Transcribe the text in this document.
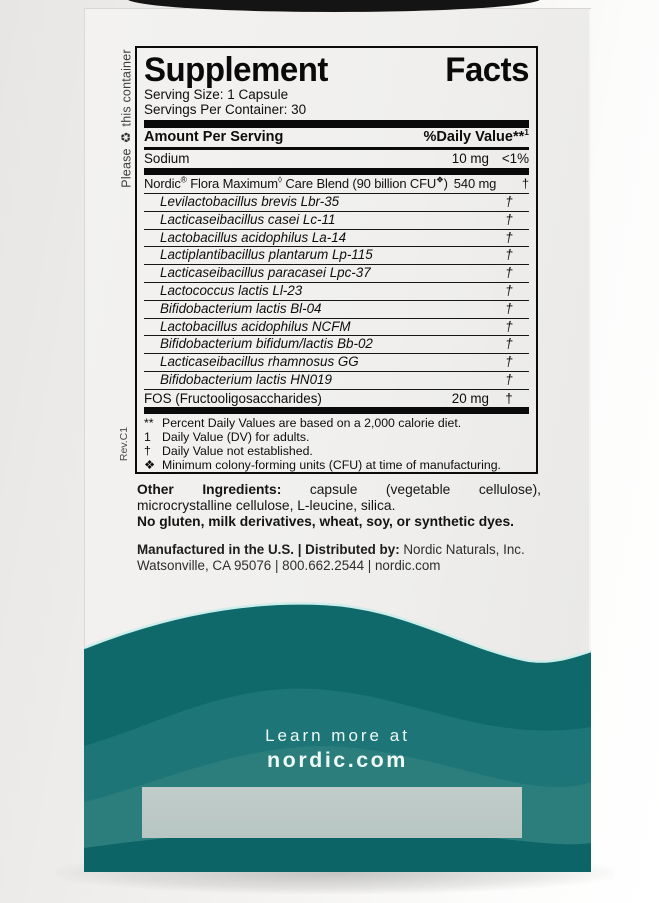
Please
♻
this container
Rev.C1
Supplement	Facts
Serving Size: 1 Capsule
Servings Per Container: 30
Amount Per Serving	%Daily Value**$^1$
Sodium	10 mg <1%
Nordic® Flora Maximum◊ Care Blend (90 billion CFU❖) 540 mg	†
Levilactobacillus brevis Lbr-35	†
Lacticaseibacillus casei Lc-11	†
Lactobacillus acidophilus La-14	†
Lactiplantibacillus plantarum Lp-115	†
Lacticaseibacillus paracasei Lpc-37	†
Lactococcus lactis Ll-23	†
Bifidobacterium lactis Bl-04	†
Lactobacillus acidophilus NCFM	†
Bifidobacterium bifidum/lactis Bb-02	†
Lacticaseibacillus rhamnosus GG	†
Bifidobacterium lactis HN019	†
FOS (Fructooligosaccharides)	20 mg	†
** Percent Daily Values are based on a 2,000 calorie diet.
1 Daily Value (DV) for adults.
† Daily Value not established.
❖ Minimum colony-forming units (CFU) at time of manufacturing.

Other Ingredients: capsule (vegetable cellulose), microcrystalline cellulose, L-leucine, silica.

No gluten, milk derivatives, wheat, soy, or synthetic dyes.

Manufactured in the U.S. | Distributed by: Nordic Naturals, Inc.
Watsonville, CA 95076 | 800.662.2544 | nordic.com

Learn more at
nordic.com
